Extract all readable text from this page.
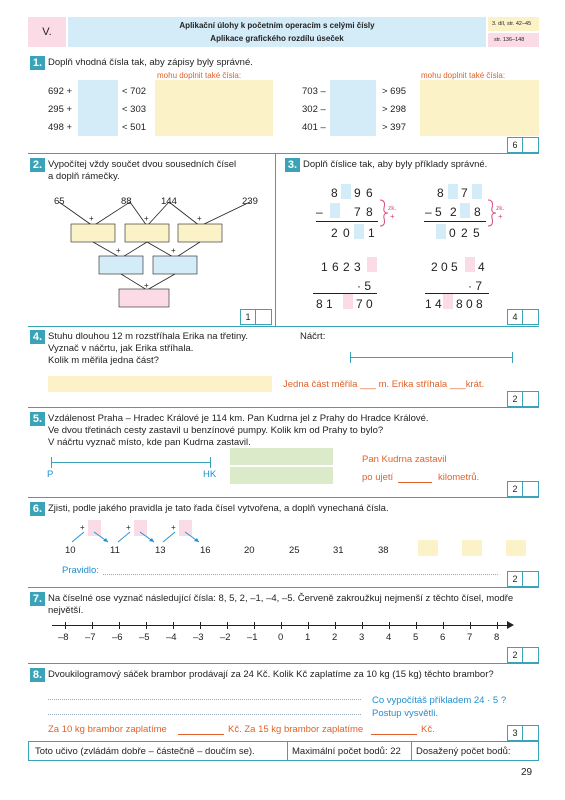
V.
Aplikační úlohy k početním operacím s celými čísly
Aplikace grafického rozdílu úseček
3. díl, str. 42–45
str. 136–148
1. Doplň vhodná čísla tak, aby zápisy byly správné.
mohu doplnit také čísla:	mohu doplnit také čísla:
692 +	< 702
295 +	< 303
498 +	< 501
703 –	> 695
302 –	> 298
401 –	> 397
6
2. Vypočítej vždy součet dvou sousedních čísel
a doplň rámečky.
65	88	144	239
+	+	+
+	+
+
1
3. Doplň číslice tak, aby byly příklady správné.
8 9 6
–	7 8
2 0 1
zk.
+
8 7
– 5 2 8
0 2 5
zk.
+
1 6 2 3
· 5
8 1 7 0
2 0 5 4
· 7
1 4 8 0 8
4
4. Stuhu dlouhou 12 m rozstříhala Erika na třetiny.
Vyznač v náčrtu, jak Erika stříhala.
Kolik m měřila jedna část?
Náčrt:
Jedna část měřila ___ m. Erika stříhala ___krát.
2
5. Vzdálenost Praha – Hradec Králové je 114 km. Pan Kudrna jel z Prahy do Hradce Králové.
Ve dvou třetinách cesty zastavil u benzínové pumpy. Kolik km od Prahy to bylo?
V náčrtu vyznač místo, kde pan Kudrna zastavil.
P	HK
Pan Kudrna zastavil
po ujetí	kilometrů.
2
6. Zjisti, podle jakého pravidla je tato řada čísel vytvořena, a doplň vynechaná čísla.
+	+	+
10	11	13	16	20	25	31	38
Pravidlo:
2
7. Na číselné ose vyznač následující čísla: 8, 5, 2, –1, –4, –5. Červeně zakroužkuj nejmenší z těchto čísel, modře
největší.
–8 –7 –6 –5 –4 –3 –2 –1 0 1 2 3 4 5 6 7 8
2
8. Dvoukilogramový sáček brambor prodávají za 24 Kč. Kolik Kč zaplatíme za 10 kg (15 kg) těchto brambor?
Co vypočítáš příkladem 24 · 5 ?
Postup vysvětli.
Za 10 kg brambor zaplatíme	Kč. Za 15 kg brambor zaplatíme	Kč.	3
Toto učivo (zvládám dobře – částečně – doučím se).	Maximální počet bodů: 22 Dosažený počet bodů:
29
